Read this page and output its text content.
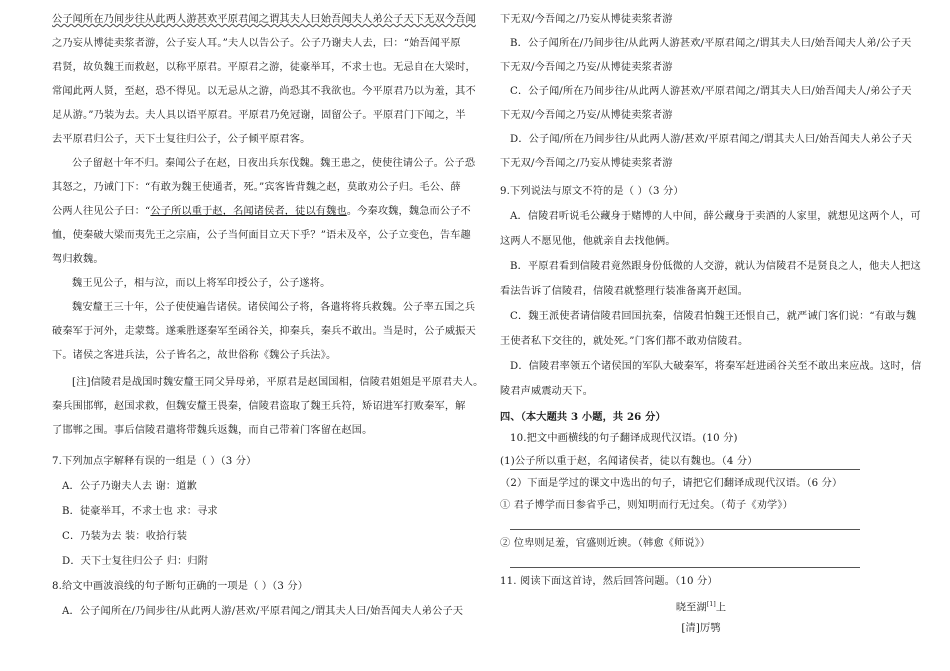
公子闻所在乃间步往从此两人游甚欢平原君闻之谓其夫人曰始吾闻夫人弟公子天下无双今吾闻
之乃妄从博徒卖浆者游，公子妄人耳。”夫人以告公子。公子乃谢夫人去，曰：“始吾闻平原
君贤，故负魏王而救赵，以称平原君。平原君之游，徒豪举耳，不求士也。无忌自在大梁时，
常闻此两人贤，至赵，恐不得见。以无忌从之游，尚恐其不我欲也。今平原君乃以为羞，其不
足从游。”乃装为去。夫人具以语平原君。平原君乃免冠谢，固留公子。平原君门下闻之，半
去平原君归公子，天下士复往归公子，公子倾平原君客。
公子留赵十年不归。秦闻公子在赵，日夜出兵东伐魏。魏王患之，使使往请公子。公子恐
其怒之，乃诫门下：“有敢为魏王使通者，死。”宾客皆背魏之赵，莫敢劝公子归。毛公、薛
公两人往见公子曰：“公子所以重于赵，名闻诸侯者，徒以有魏也。今秦攻魏，魏急而公子不
恤，使秦破大梁而夷先王之宗庙，公子当何面目立天下乎？”语未及卒，公子立变色，告车趣
驾归救魏。
魏王见公子，相与泣，而以上将军印授公子，公子遂将。
魏安釐王三十年，公子使使遍告诸侯。诸侯闻公子将，各遣将将兵救魏。公子率五国之兵
破秦军于河外，走蒙骜。遂乘胜逐秦军至函谷关，抑秦兵，秦兵不敢出。当是时，公子威振天
下。诸侯之客进兵法，公子皆名之，故世俗称《魏公子兵法》。
[注]信陵君是战国时魏安釐王同父异母弟，平原君是赵国国相，信陵君姐姐是平原君夫人。
秦兵围邯郸，赵国求救，但魏安釐王畏秦，信陵君盗取了魏王兵符，矫诏进军打败秦军，解
了邯郸之围。事后信陵君遣将带魏兵返魏，而自己带着门客留在赵国。
7.下列加点字解释有误的一组是（ ）（3 分）
A．公子乃谢夫人去 谢：道歉
B．徒豪举耳，不求士也 求：寻求
C．乃装为去 装：收拾行装
D．天下士复往归公子 归：归附
8.给文中画波浪线的句子断句正确的一项是（ ）（3 分）
A．公子闻所在/乃间步往/从此两人游/甚欢/平原君闻之/谓其夫人曰/始吾闻夫人弟公子天
下无双/今吾闻之/乃妄从博徒卖浆者游
B．公子闻所在/乃间步往/从此两人游甚欢/平原君闻之/谓其夫人曰/始吾闻夫人弟/公子天
下无双/今吾闻之乃妄/从博徒卖浆者游
C．公子闻/所在乃间步往/从此两人游甚欢/平原君闻之/谓其夫人曰/始吾闻夫人/弟公子天
下无双/今吾闻之乃妄/从博徒卖浆者游
D．公子闻/所在乃间步往/从此两人游/甚欢/平原君闻之/谓其夫人曰/始吾闻夫人弟公子天
下无双/今吾闻之/乃妄从博徒卖浆者游
9.下列说法与原文不符的是（ ）（3 分）
A．信陵君听说毛公藏身于赌博的人中间，薛公藏身于卖酒的人家里，就想见这两个人，可
这两人不愿见他，他就亲自去找他俩。
B．平原君看到信陵君竟然跟身份低微的人交游，就认为信陵君不是贤良之人，他夫人把这
看法告诉了信陵君，信陵君就整理行装准备离开赵国。
C．魏王派使者请信陵君回国抗秦，信陵君怕魏王还恨自己，就严诫门客们说：“有敢与魏
王使者私下交往的，就处死。”门客们都不敢劝信陵君。
D．信陵君率领五个诸侯国的军队大破秦军，将秦军赶进函谷关至不敢出来应战。这时，信
陵君声威震动天下。
四、（本大题共 3 小题，共 26 分）
10.把文中画横线的句子翻译成现代汉语。(10 分)
(1)公子所以重于赵，名闻诸侯者，徒以有魏也。（4 分）
（2）下面是学过的课文中选出的句子，请把它们翻译成现代汉语。（6 分）
① 君子博学而日参省乎己，则知明而行无过矣。（荀子《劝学》）
② 位卑则足羞，官盛则近谀。（韩愈《师说》）
11. 阅读下面这首诗，然后回答问题。（10 分）
晓至湖[1]上
[清]厉鹗
